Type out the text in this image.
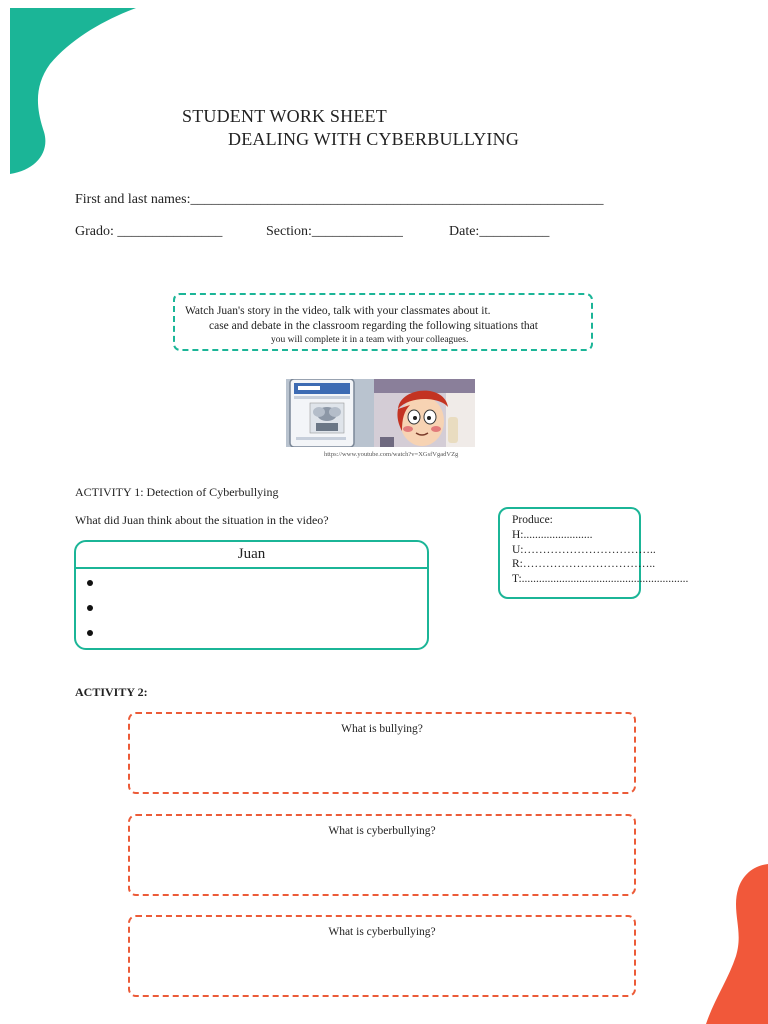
STUDENT WORK SHEET
DEALING WITH CYBERBULLYING
First and last names:___________________________________________________________
Grado: _______________	Section:_____________	Date:__________
Watch Juan's story in the video, talk with your classmates about it.
case and debate in the classroom regarding the following situations that
you will complete it in a team with your colleagues.
https://www.youtube.com/watch?v=XGsfVgadVZg
ACTIVITY 1: Detection of Cyberbullying
What did Juan think about the situation in the video?
Juan
Produce:
H:........................
U:……………………………..
R:……………………………..
T:..........................................................
ACTIVITY 2:
What is bullying?
What is cyberbullying?
What is cyberbullying?
